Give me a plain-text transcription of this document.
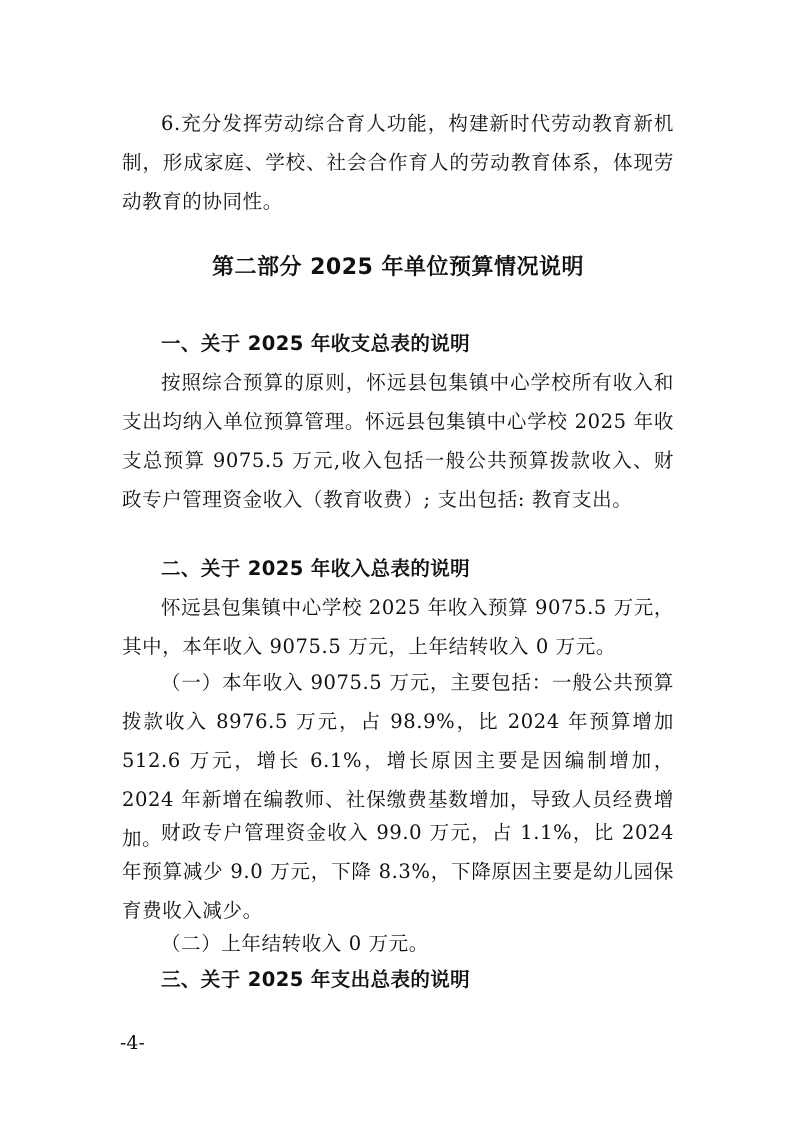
6.充分发挥劳动综合育人功能，构建新时代劳动教育新机制，形成家庭、学校、社会合作育人的劳动教育体系，体现劳动教育的协同性。

第二部分 2025 年单位预算情况说明
一、关于 2025 年收支总表的说明

按照综合预算的原则，怀远县包集镇中心学校所有收入和支出均纳入单位预算管理。怀远县包集镇中心学校 2025 年收支总预算 9075.5 万元,收入包括一般公共预算拨款收入、财政专户管理资金收入（教育收费）; 支出包括: 教育支出。

二、关于 2025 年收入总表的说明

怀远县包集镇中心学校 2025 年收入预算 9075.5 万元，其中，本年收入 9075.5 万元，上年结转收入 0 万元。

（一）本年收入 9075.5 万元，主要包括：一般公共预算拨款收入 8976.5 万元，占 98.9%，比 2024 年预算增加 512.6 万元，增长 6.1%，增长原因主要是因编制增加，2024 年新增在编教师、社保缴费基数增加，导致人员经费增加。

财政专户管理资金收入 99.0 万元，占 1.1%，比 2024 年预算减少 9.0 万元，下降 8.3%，下降原因主要是幼儿园保育费收入减少。

（二）上年结转收入 0 万元。

三、关于 2025 年支出总表的说明
-4-
